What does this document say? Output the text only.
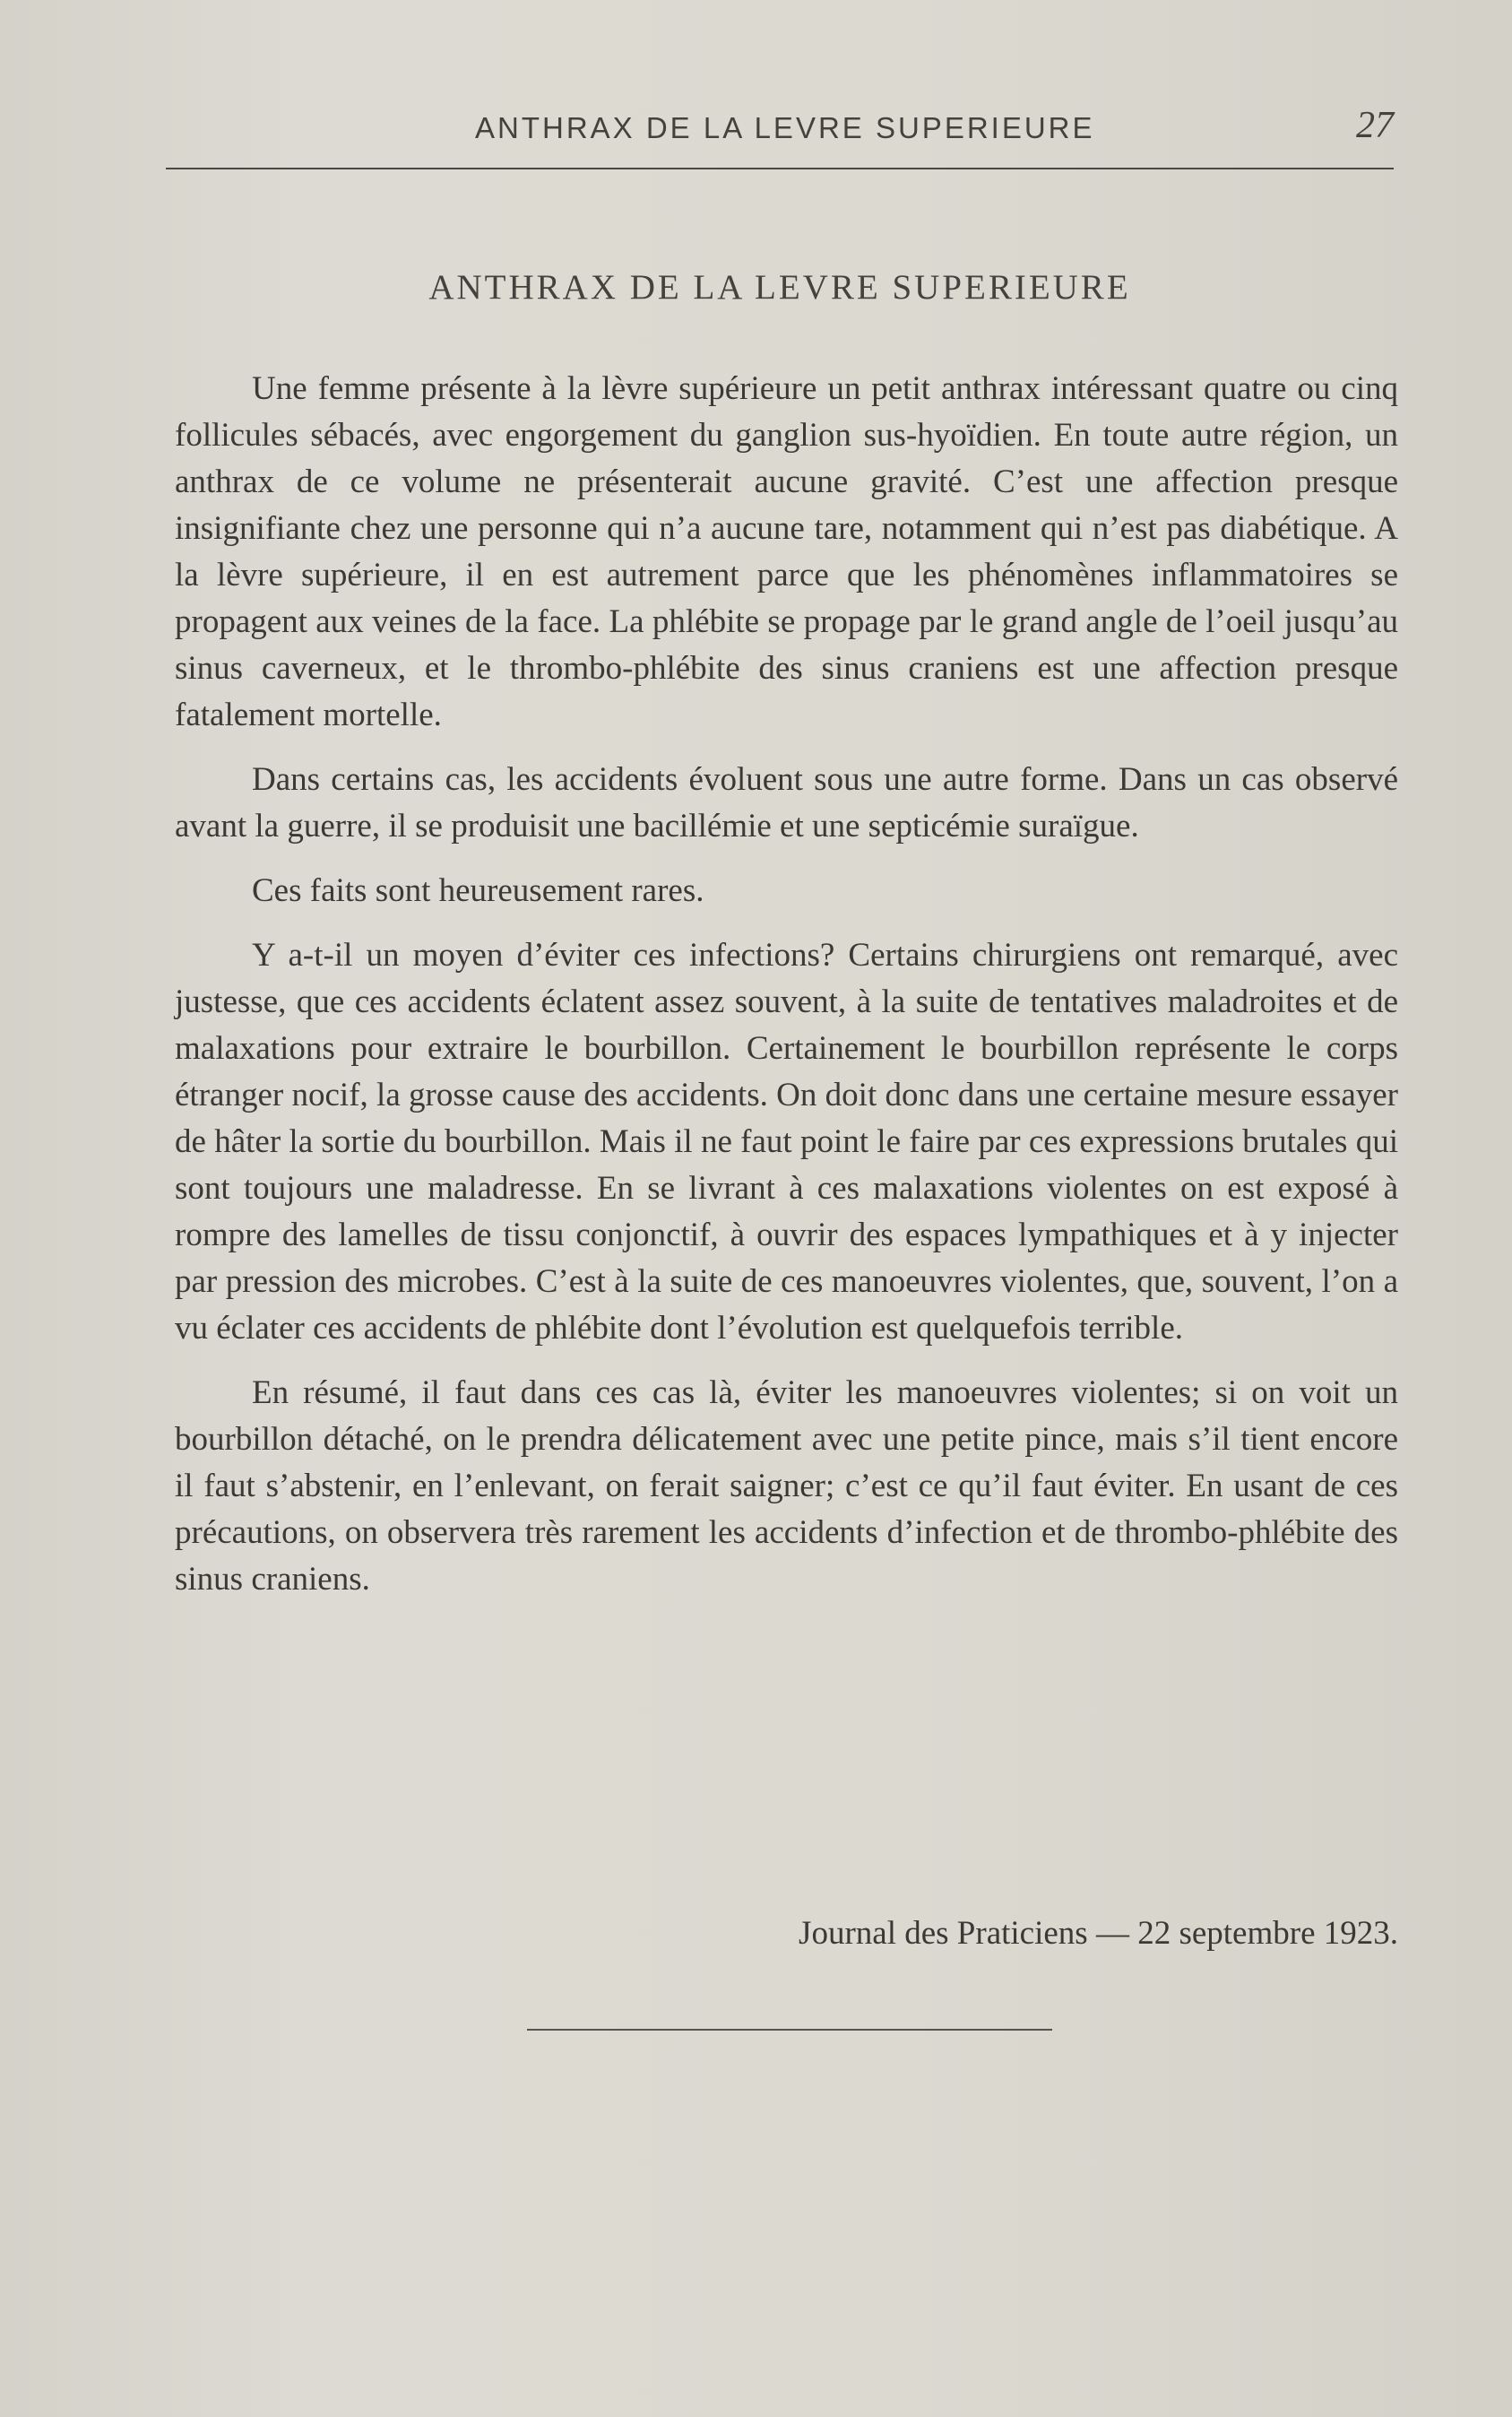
ANTHRAX DE LA LEVRE SUPERIEURE	27
ANTHRAX DE LA LEVRE SUPERIEURE

Une femme présente à la lèvre supérieure un petit anthrax intéressant quatre ou cinq follicules sébacés, avec engorgement du ganglion sus-hyoïdien. En toute autre région, un anthrax de ce volume ne présenterait aucune gravité. C’est une affection presque insignifiante chez une personne qui n’a aucune tare, notamment qui n’est pas diabétique. A la lèvre supérieure, il en est autrement parce que les phénomènes inflammatoires se propagent aux veines de la face. La phlébite se propage par le grand angle de l’oeil jusqu’au sinus caverneux, et le thrombo-phlébite des sinus craniens est une affection presque fatalement mortelle.

Dans certains cas, les accidents évoluent sous une autre forme. Dans un cas observé avant la guerre, il se produisit une bacillémie et une septicémie suraïgue.

Ces faits sont heureusement rares.

Y a-t-il un moyen d’éviter ces infections? Certains chirurgiens ont remarqué, avec justesse, que ces accidents éclatent assez souvent, à la suite de tentatives maladroites et de malaxations pour extraire le bourbillon. Certainement le bourbillon représente le corps étranger nocif, la grosse cause des accidents. On doit donc dans une certaine mesure essayer de hâter la sortie du bourbillon. Mais il ne faut point le faire par ces expressions brutales qui sont toujours une maladresse. En se livrant à ces malaxations violentes on est exposé à rompre des lamelles de tissu conjonctif, à ouvrir des espaces lympathiques et à y injecter par pression des microbes. C’est à la suite de ces manoeuvres violentes, que, souvent, l’on a vu éclater ces accidents de phlébite dont l’évolution est quelquefois terrible.

En résumé, il faut dans ces cas là, éviter les manoeuvres violentes; si on voit un bourbillon détaché, on le prendra délicatement avec une petite pince, mais s’il tient encore il faut s’abstenir, en l’enlevant, on ferait saigner; c’est ce qu’il faut éviter. En usant de ces précautions, on observera très rarement les accidents d’infection et de thrombo-phlébite des sinus craniens.

Journal des Praticiens — 22 septembre 1923.
